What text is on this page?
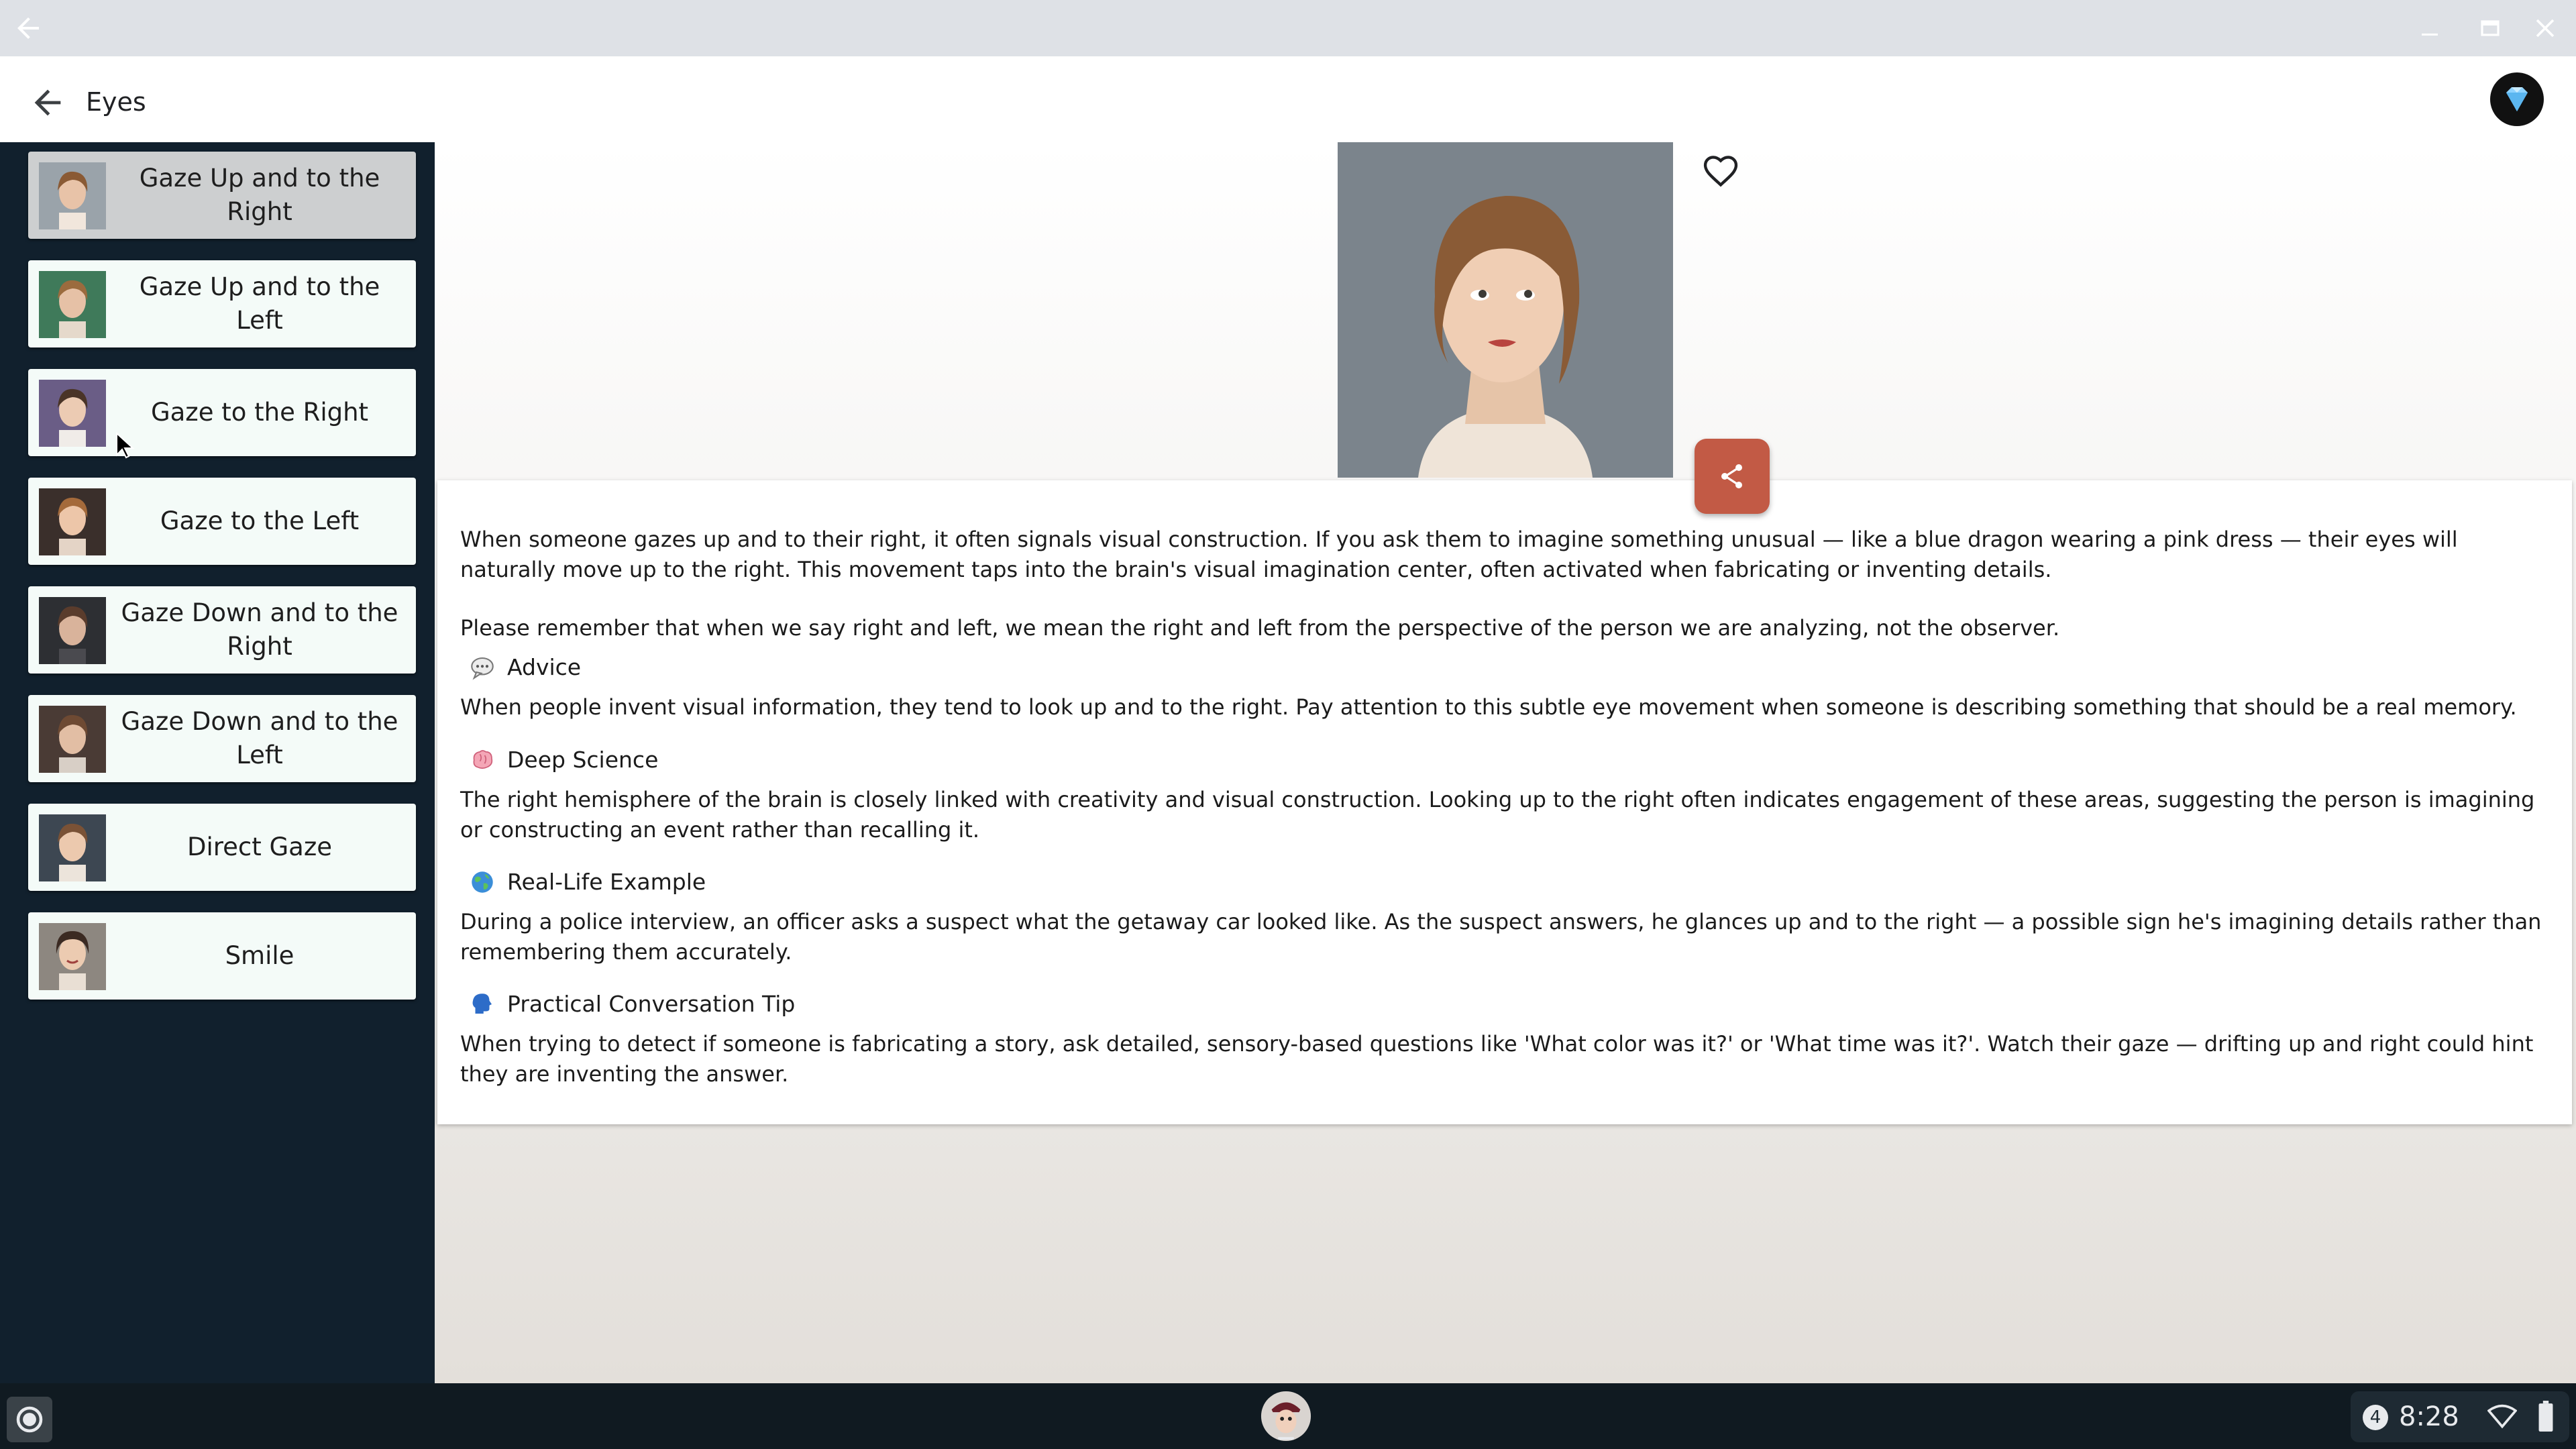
Eyes
Gaze Up and to the Right
Gaze Up and to the Left
Gaze to the Right
Gaze to the Left
Gaze Down and to the Right
Gaze Down and to the Left
Direct Gaze
Smile
When someone gazes up and to their right, it often signals visual construction. If you ask them to imagine something unusual — like a blue dragon wearing a pink dress — their eyes will naturally move up to the right. This movement taps into the brain's visual imagination center, often activated when fabricating or inventing details.
Please remember that when we say right and left, we mean the right and left from the perspective of the person we are analyzing, not the observer.
Advice
When people invent visual information, they tend to look up and to the right. Pay attention to this subtle eye movement when someone is describing something that should be a real memory.
Deep Science
The right hemisphere of the brain is closely linked with creativity and visual construction. Looking up to the right often indicates engagement of these areas, suggesting the person is imagining or constructing an event rather than recalling it.
Real-Life Example
During a police interview, an officer asks a suspect what the getaway car looked like. As the suspect answers, he glances up and to the right — a possible sign he's imagining details rather than remembering them accurately.
Practical Conversation Tip
When trying to detect if someone is fabricating a story, ask detailed, sensory-based questions like 'What color was it?' or 'What time was it?'. Watch their gaze — drifting up and right could hint they are inventing the answer.
4 8:28
